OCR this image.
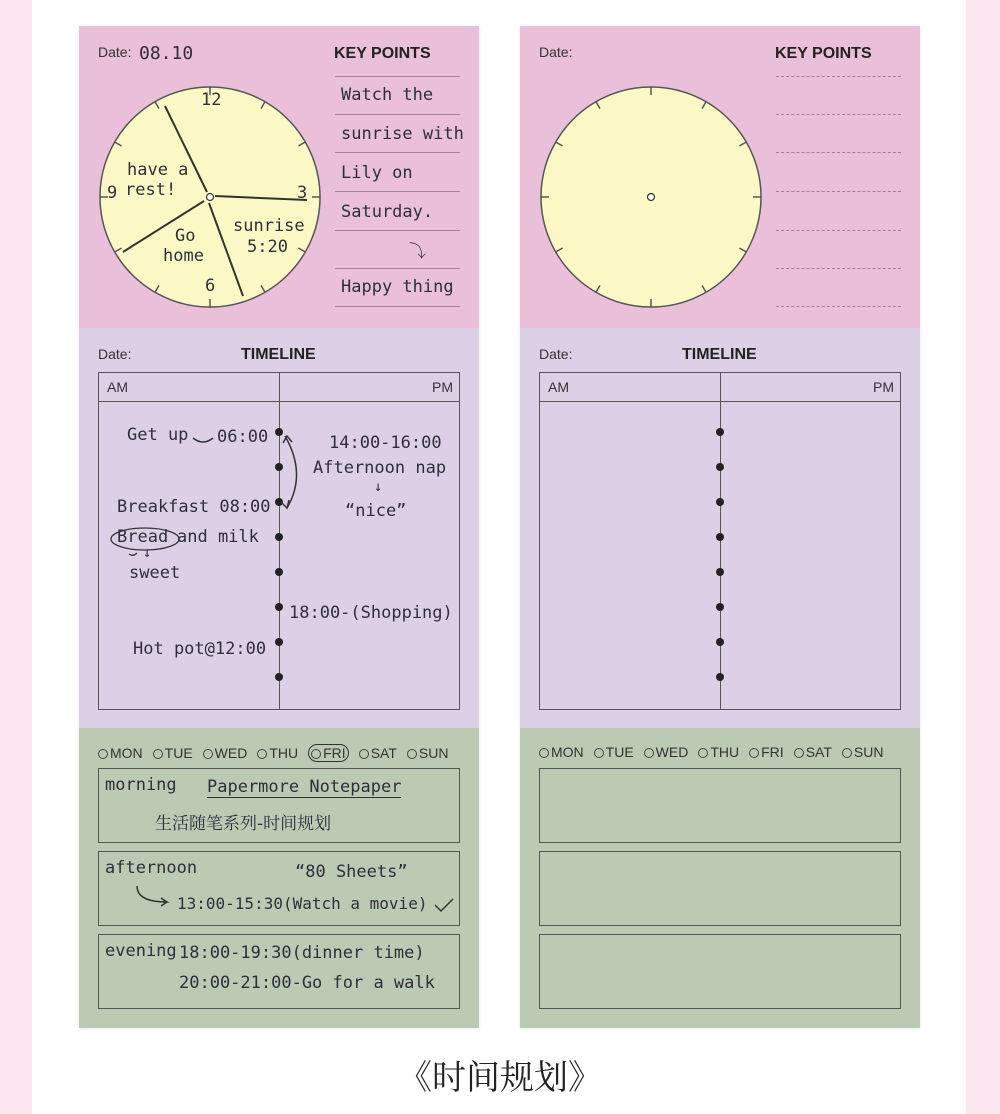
Date: 08.10	KEY POINTS
12
3
6
9
have a
rest!
Go
home
sunrise
5:20
Watch the
sunrise with
Lily on
Saturday.
⤵
Happy thing
Date:	TIMELINE
AM	PM
Get up 06:00
Breakfast 08:00
Bread and milk
↓
sweet
Hot pot@12:00
14:00-16:00
Afternoon nap
↓
“nice”
18:00-(Shopping)
MON TUE WED THU FRI SAT SUN
morning Papermore Notepaper
生活随笔系列-时间规划
afternoon	“80 Sheets”
13:00-15:30(Watch a movie)
evening 18:00-19:30(dinner time)
20:00-21:00-Go for a walk
Date:	KEY POINTS
Date:	TIMELINE
AM	PM
MON TUE WED THU FRI SAT SUN
《时间规划》
